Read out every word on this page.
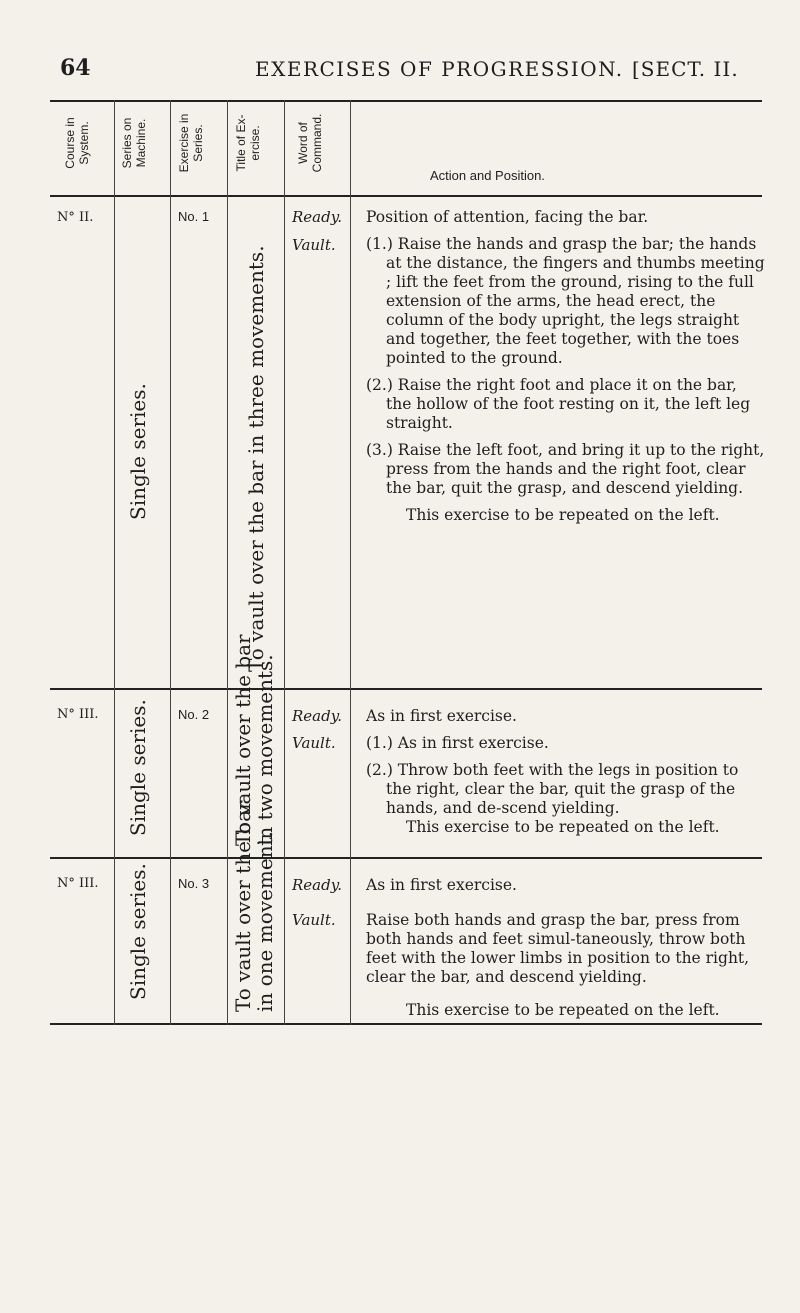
64	EXERCISES OF PROGRESSION. [SECT. II.
Course in System. Series on Machine. Exercise in Series. Title of Ex- ercise.	Word of Command.
Action and Position.
N° II.
Single series.
No. 1
To vault over the bar in three movements.
Ready.
Vault.

Position of attention, facing the bar.

(1.) Raise the hands and grasp the bar; the hands at the distance, the fingers and thumbs meeting ; lift the feet from the ground, rising to the full extension of the arms, the head erect, the column of the body upright, the legs straight and together, the feet together, with the toes pointed to the ground.

(2.) Raise the right foot and place it on the bar, the hollow of the foot resting on it, the left leg straight.

(3.) Raise the left foot, and bring it up to the right, press from the hands and the right foot, clear the bar, quit the grasp, and descend yielding.

This exercise to be repeated on the left.

N° III. Single series. No. 2 To vault over the bar
in two movements. Ready.
Vault.

As in first exercise.

(1.) As in first exercise.

(2.) Throw both feet with the legs in position to the right, clear the bar, quit the grasp of the hands, and de-scend yielding.

This exercise to be repeated on the left.

N° III. Single series. No. 3 To vault over the bar
in one movement. Ready.
Vault.

As in first exercise.

Raise both hands and grasp the bar, press from both hands and feet simul-taneously, throw both feet with the lower limbs in position to the right, clear the bar, and descend yielding.

This exercise to be repeated on the left.
